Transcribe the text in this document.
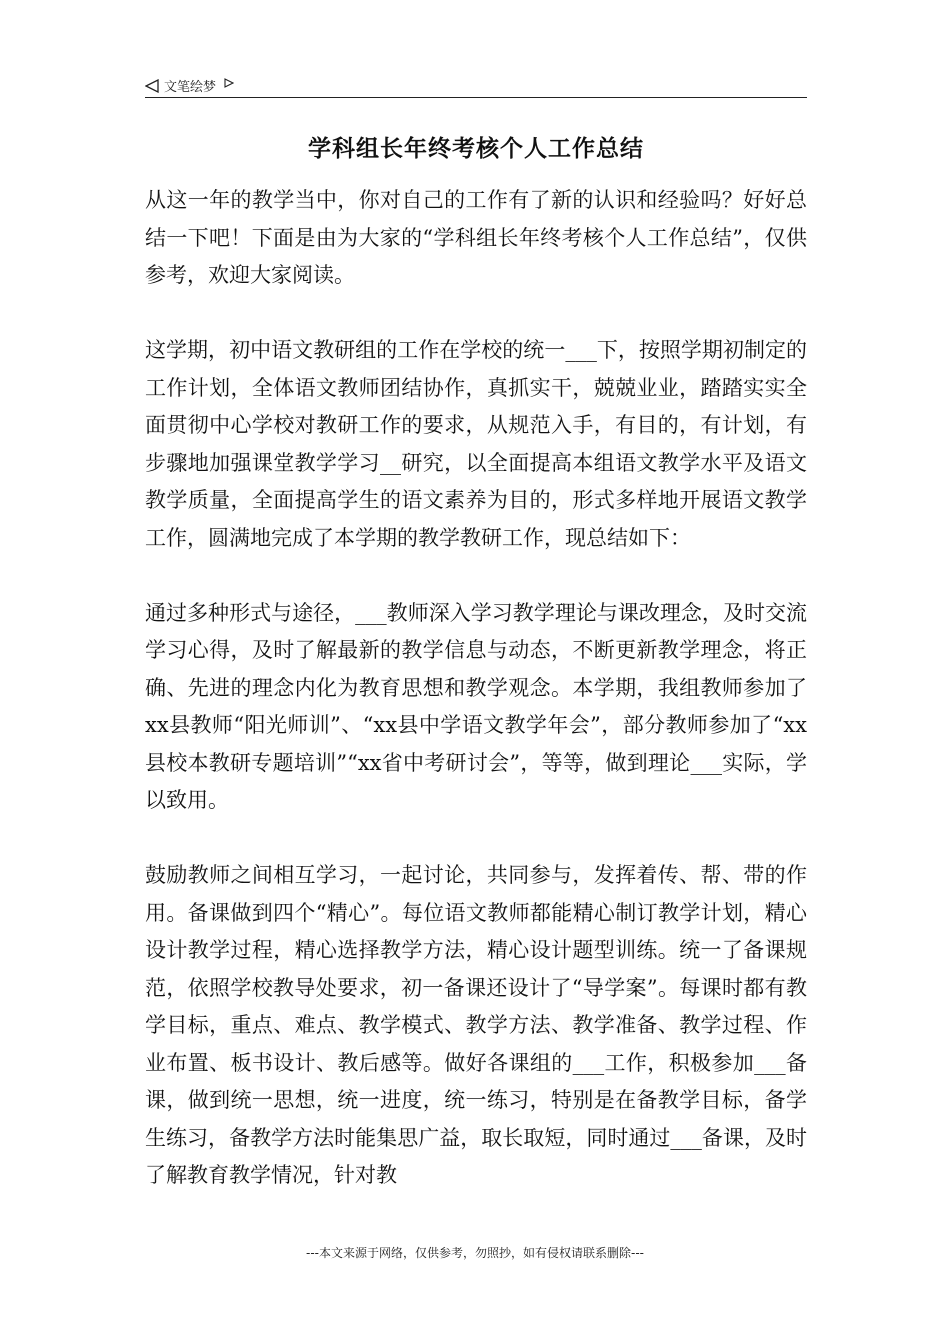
文笔绘梦
学科组长年终考核个人工作总结

从这一年的教学当中，你对自己的工作有了新的认识和经验吗？好好总结一下吧！下面是由为大家的“学科组长年终考核个人工作总结”，仅供参考，欢迎大家阅读。

这学期，初中语文教研组的工作在学校的统一___下，按照学期初制定的工作计划，全体语文教师团结协作，真抓实干，兢兢业业，踏踏实实全面贯彻中心学校对教研工作的要求，从规范入手，有目的，有计划，有步骤地加强课堂教学学习__研究，以全面提高本组语文教学水平及语文教学质量，全面提高学生的语文素养为目的，形式多样地开展语文教学工作，圆满地完成了本学期的教学教研工作，现总结如下：

通过多种形式与途径，___教师深入学习教学理论与课改理念，及时交流学习心得，及时了解最新的教学信息与动态，不断更新教学理念，将正确、先进的理念内化为教育思想和教学观念。本学期，我组教师参加了xx县教师“阳光师训”、“xx县中学语文教学年会”，部分教师参加了“xx县校本教研专题培训”“xx省中考研讨会”，等等，做到理论___实际，学以致用。

鼓励教师之间相互学习，一起讨论，共同参与，发挥着传、帮、带的作用。备课做到四个“精心”。每位语文教师都能精心制订教学计划，精心设计教学过程，精心选择教学方法，精心设计题型训练。统一了备课规范，依照学校教导处要求，初一备课还设计了“导学案”。每课时都有教学目标，重点、难点、教学模式、教学方法、教学准备、教学过程、作业布置、板书设计、教后感等。做好各课组的___工作，积极参加___备课，做到统一思想，统一进度，统一练习，特别是在备教学目标，备学生练习，备教学方法时能集思广益，取长取短，同时通过___备课，及时了解教育教学情况，针对教

---本文来源于网络，仅供参考，勿照抄，如有侵权请联系删除---
